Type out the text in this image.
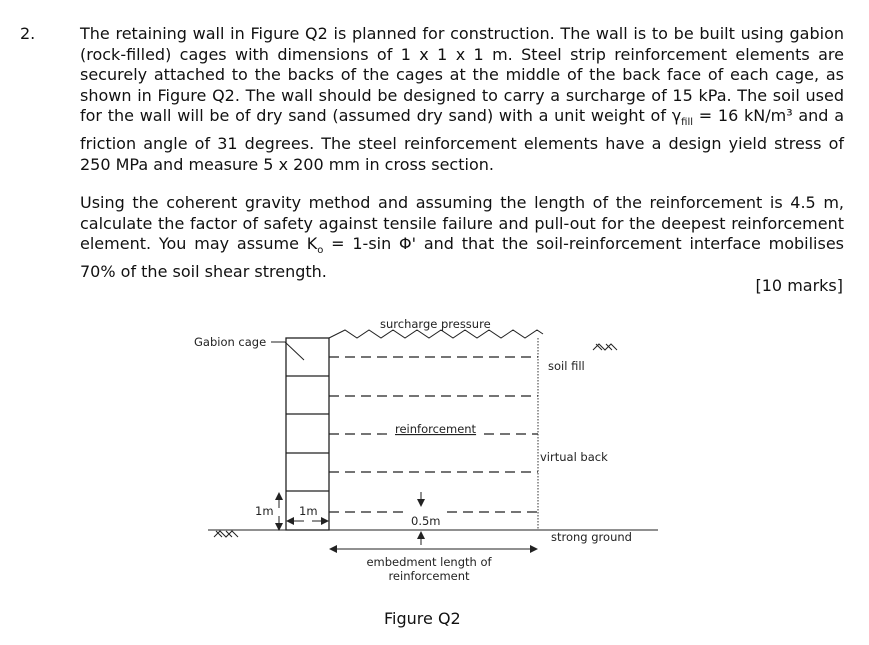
2.	The retaining wall in Figure Q2 is planned for construction. The wall is to be built using gabion (rock-filled) cages with dimensions of 1 x 1 x 1 m. Steel strip reinforcement elements are securely attached to the backs of the cages at the middle of the back face of each cage, as shown in Figure Q2. The wall should be designed to carry a surcharge of 15 kPa. The soil used for the wall will be of dry sand (assumed dry sand) with a unit weight of $\gamma_{fill} = 16$ kN/m³ and a friction angle of 31 degrees. The steel reinforcement elements have a design yield stress of 250 MPa and measure 5 x 200 mm in cross section.

Using the coherent gravity method and assuming the length of the reinforcement is 4.5 m, calculate the factor of safety against tensile failure and pull-out for the deepest reinforcement element. You may assume $K_o = 1-\sin$ Φ' and that the soil-reinforcement interface mobilises 70% of the soil shear strength.

[10 marks]
Gabion cage
surcharge pressure
soil fill
virtual back
reinforcement
0.5m
1m 1m
strong ground
embedment length of
reinforcement
Figure Q2
